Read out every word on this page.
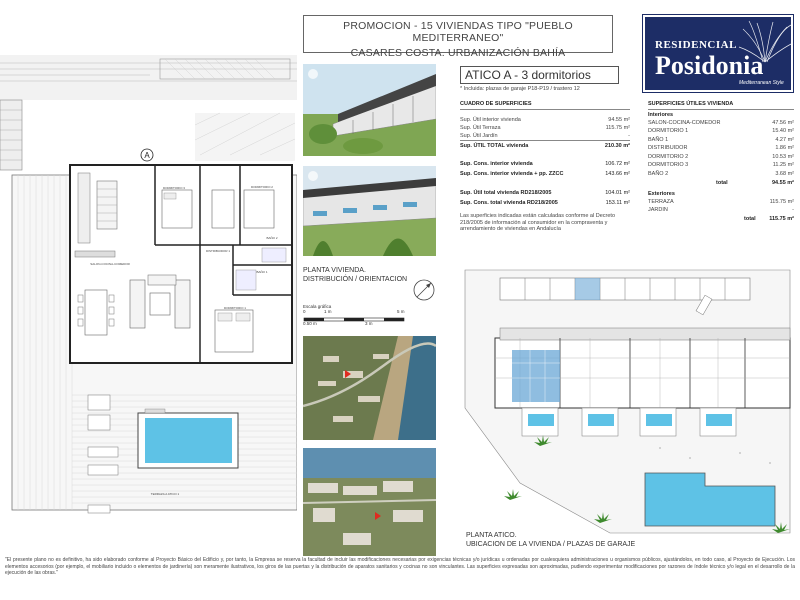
A
DORMITORIO 3	DORMITORIO 2
SALON-COCINA-COMEDOR
DISTRIBUIDOR 1
BAÑO 1
BAÑO 2
DORMITORIO 1
TERRAZA A ATICO 1
PROMOCION - 15 VIVIENDAS TIPO "PUEBLO MEDITERRANEO"
CASARES COSTA. URBANIZACIÓN BAHÍA
RESIDENCIAL
Posidonia
Mediterranean Style
PLANTA VIVIENDA.
DISTRIBUCIÓN / ORIENTACION
Escala gráfica
0	1 m	5 m
0.50 m	3 m
ATICO A - 3 dormitorios
* Incluida: plazas de garaje P18-P19 / trastero 12
CUADRO DE SUPERFICIES
Sup. Útil interior vivienda	94.55 m²
Sup. Útil Terraza	115.75 m²
Sup. Útil Jardín	-
Sup. ÚTIL TOTAL vivienda	210.30 m²
Sup. Cons. interior vivienda	106.72 m²
Sup. Cons. interior vivienda + pp. ZZCC	143.66 m²
Sup. Útil total vivienda RD218/2005	104.01 m²
Sup. Cons. total vivienda RD218/2005	153.11 m²
Las superficies indicadas están calculadas conforme al Decreto 218/2005 de información al consumidor en la compraventa y arrendamiento de viviendas en Andalucía
SUPERFICIES ÚTILES VIVIENDA
Interiores
SALON-COCINA-COMEDOR	47.56 m²
DORMITORIO 1	15.40 m²
BAÑO 1	4.27 m²
DISTRIBUIDOR	1.86 m²
DORMITORIO 2	10.53 m²
DORMITORIO 3	11.25 m²
BAÑO 2	3.68 m²
total	94.55 m²
Exteriores
TERRAZA	115.75 m²
JARDIN	-
total 115.75 m²
PLANTA ATICO.
UBICACION DE LA VIVIENDA / PLAZAS DE GARAJE
"El presente plano no es definitivo, ha sido elaborado conforme al Proyecto Básico del Edificio y, por tanto, la Empresa se reserva la facultad de incluir las modificaciones necesarias por exigencias técnicas y/o jurídicas u ordenadas por cualesquiera administraciones u organismos públicos, ajustándolos, en todo caso, al Proyecto de Ejecución. Los elementos accesorios (por ejemplo, el mobiliario incluido o elementos de jardinería) son meramente ilustrativos, los giros de las puertas y la distribución de aparatos sanitarios y cocinas no son vinculantes. Las superficies expresadas son aproximadas, pudiendo experimentar modificaciones por razones de índole técnico y/o legal en el desarrollo de la ejecución de las obras."
